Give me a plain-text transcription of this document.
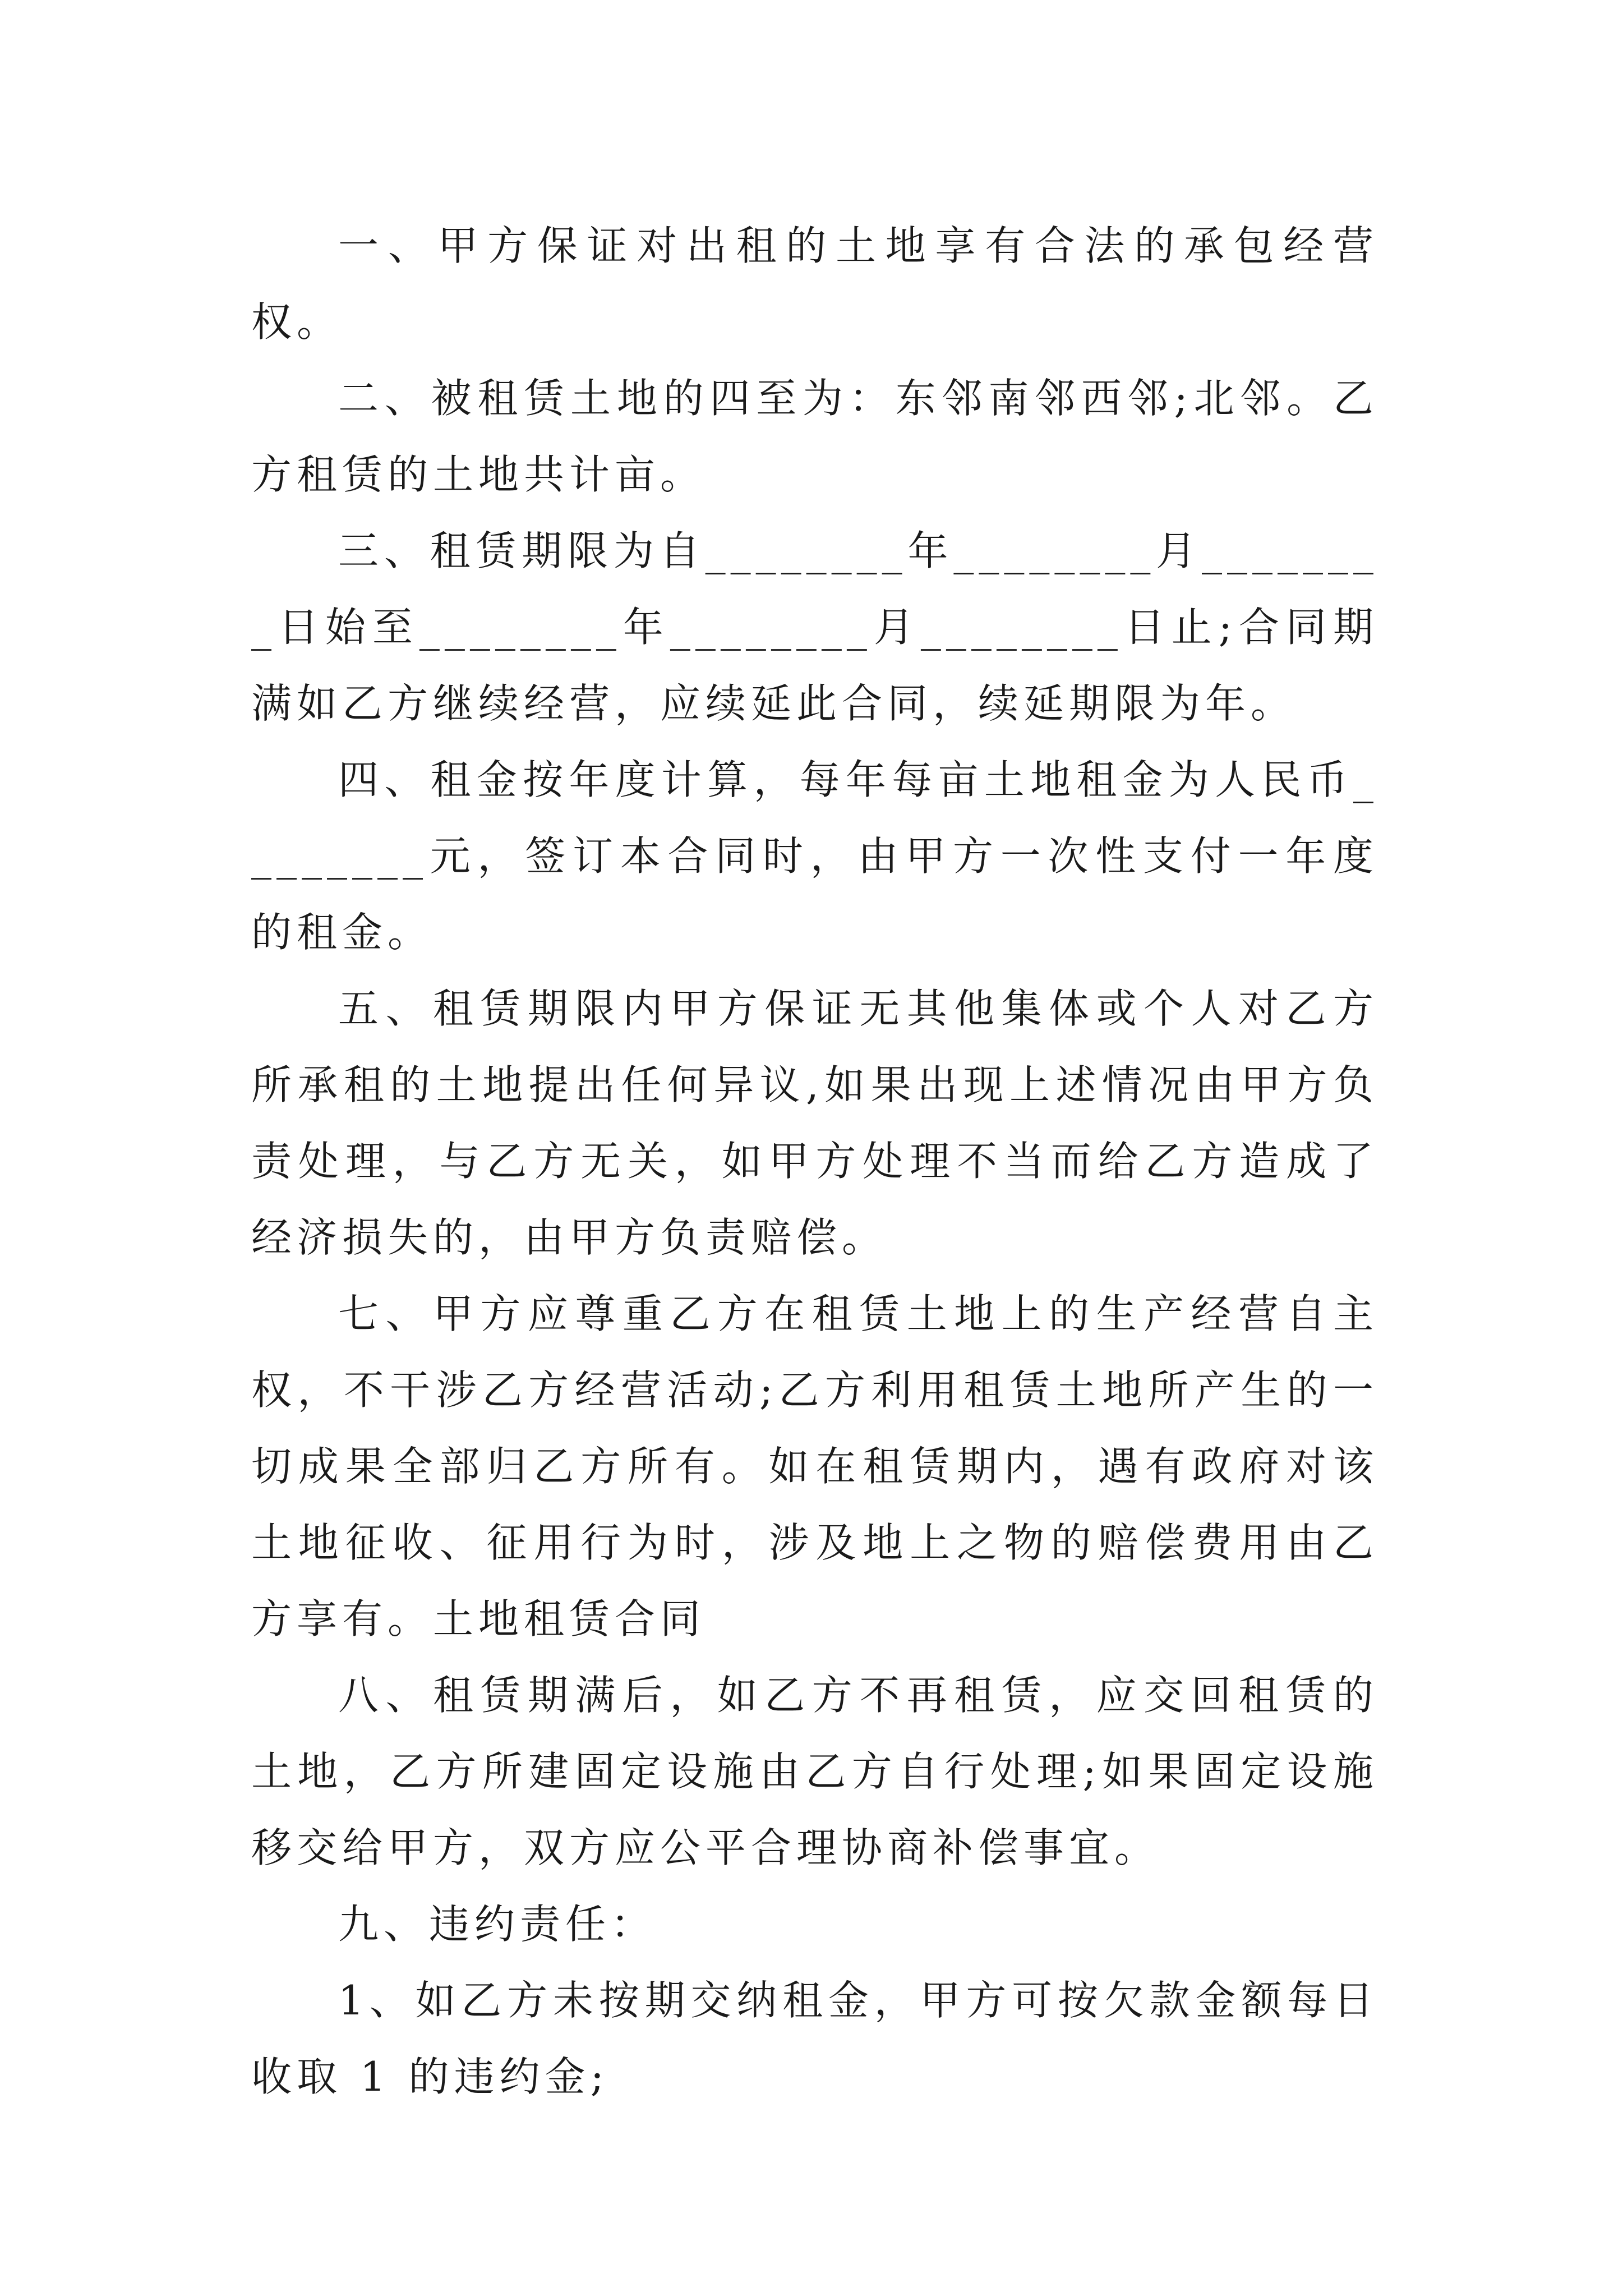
一、甲方保证对出租的土地享有合法的承包经营权。

二、被租赁土地的四至为：东邻南邻西邻;北邻。乙方租赁的土地共计亩。

三、租赁期限为自________年________月________日始至________年________月________日止;合同期满如乙方继续经营，应续延此合同，续延期限为年。

四、租金按年度计算，每年每亩土地租金为人民币________元，签订本合同时，由甲方一次性支付一年度的租金。

五、租赁期限内甲方保证无其他集体或个人对乙方所承租的土地提出任何异议,如果出现上述情况由甲方负责处理，与乙方无关，如甲方处理不当而给乙方造成了经济损失的，由甲方负责赔偿。

七、甲方应尊重乙方在租赁土地上的生产经营自主权，不干涉乙方经营活动;乙方利用租赁土地所产生的一切成果全部归乙方所有。如在租赁期内，遇有政府对该土地征收、征用行为时，涉及地上之物的赔偿费用由乙方享有。土地租赁合同

八、租赁期满后，如乙方不再租赁，应交回租赁的土地，乙方所建固定设施由乙方自行处理;如果固定设施移交给甲方，双方应公平合理协商补偿事宜。

九、违约责任：

1、如乙方未按期交纳租金，甲方可按欠款金额每日收取 1 的违约金;
